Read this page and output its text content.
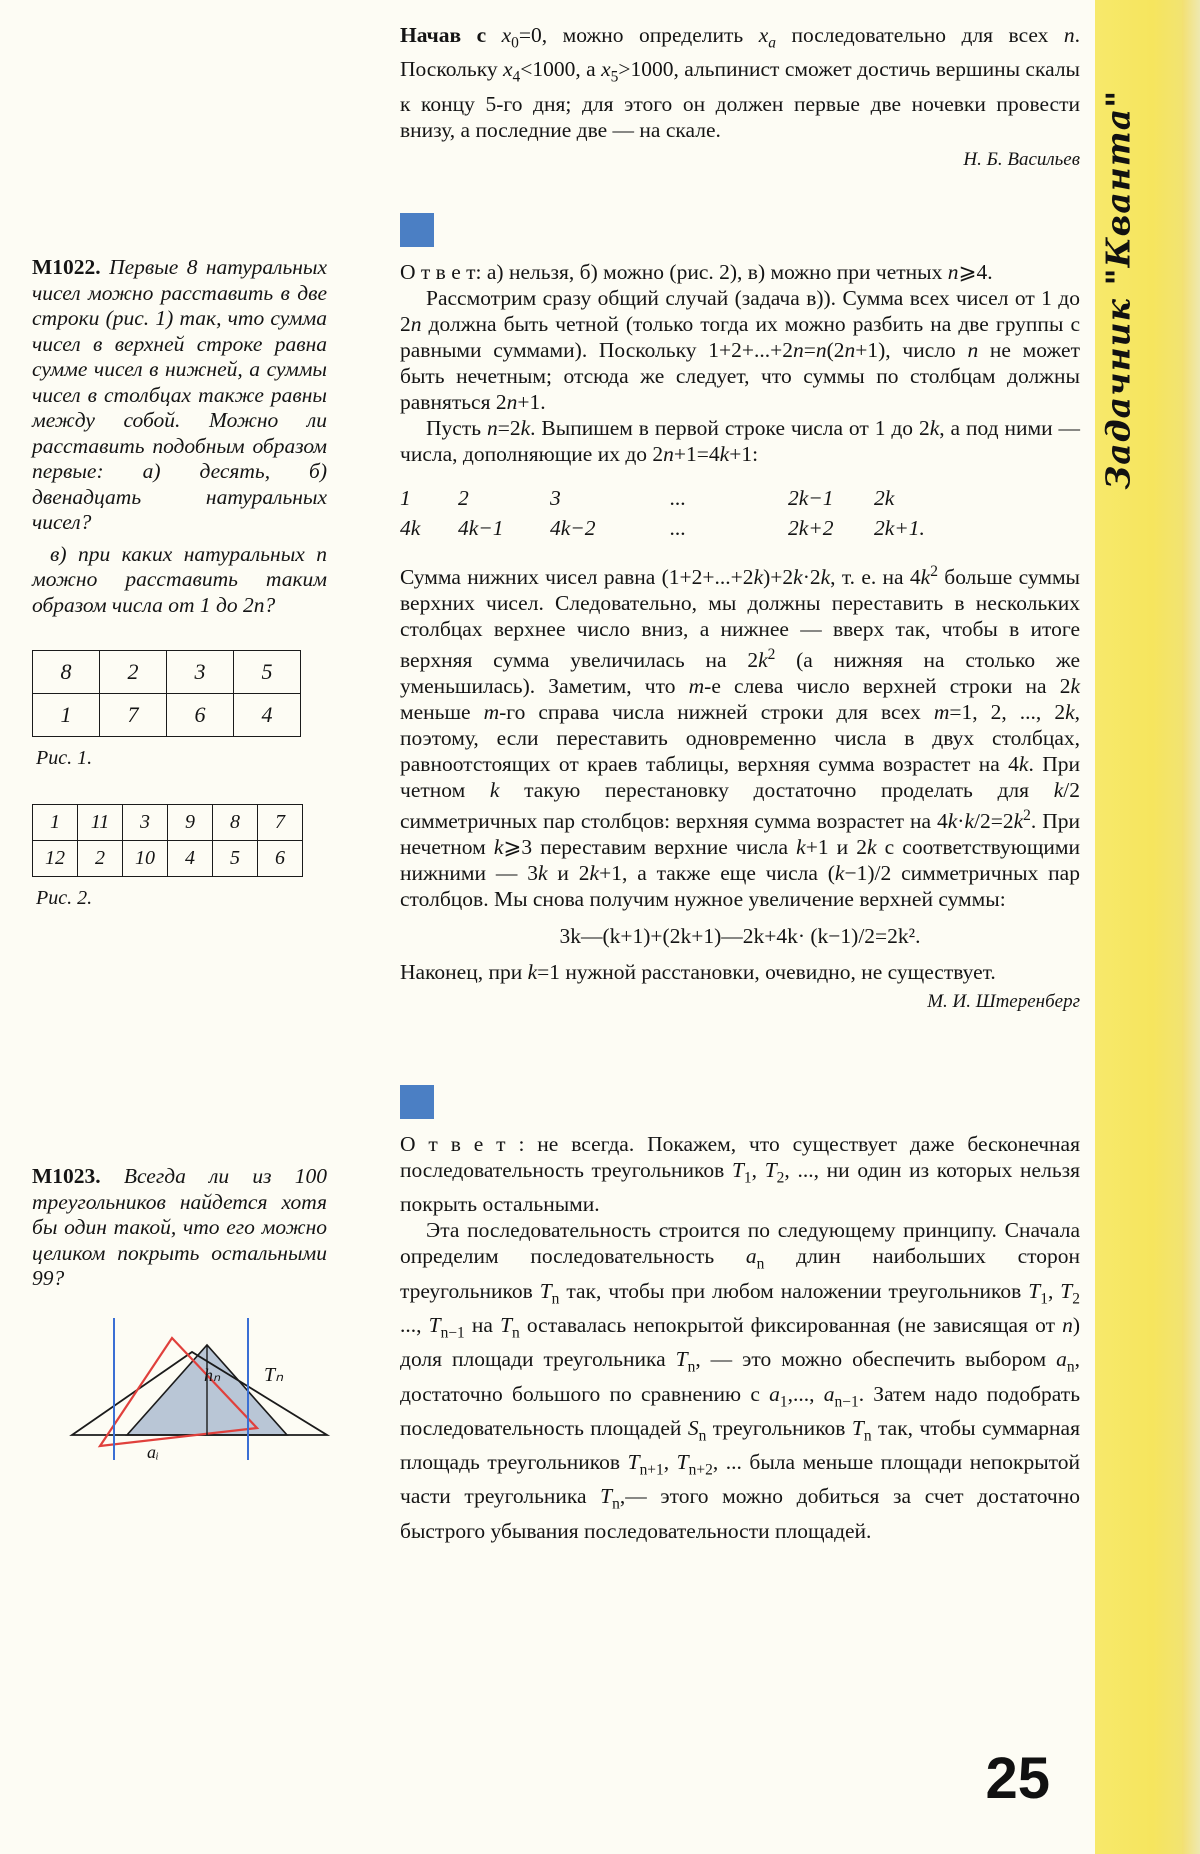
Задачник "Кванта"

Начав с $x_0=0$, можно определить $x_a$ последовательно для всех n. Поскольку $x_4<1000$, а $x_5>1000$, альпинист сможет достичь вершины скалы к концу 5-го дня; для этого он должен первые две ночевки провести внизу, а последние две — на скале.

Н. Б. Васильев

О т в е т: а) нельзя, б) можно (рис. 2), в) можно при четных n⩾4.

Рассмотрим сразу общий случай (задача в)). Сумма всех чисел от 1 до 2n должна быть четной (только тогда их можно разбить на две группы с равными суммами). Поскольку 1+2+...+2n=n(2n+1), число n не может быть нечетным; отсюда же следует, что суммы по столбцам должны равняться 2n+1.

Пусть n=2k. Выпишем в первой строке числа от 1 до 2k, а под ними — числа, дополняющие их до 2n+1=4k+1:

1	2	3	...	2k−1	2k
4k	4k−1	4k−2	...	2k+2	2k+1.

Сумма нижних чисел равна (1+2+...+2k)+2k·2k, т. е. на $4k^2$ больше суммы верхних чисел. Следовательно, мы должны переставить в нескольких столбцах верхнее число вниз, а нижнее — вверх так, чтобы в итоге верхняя сумма увеличилась на $2k^2$ (а нижняя на столько же уменьшилась). Заметим, что m-е слева число верхней строки на 2k меньше m-го справа числа нижней строки для всех m=1, 2, ..., 2k, поэтому, если переставить одновременно числа в двух столбцах, равноотстоящих от краев таблицы, верхняя сумма возрастет на 4k. При четном k такую перестановку достаточно проделать для k/2 симметричных пар столбцов: верхняя сумма возрастет на $4k\cdot k/2=2k^2$. При нечетном k⩾3 переставим верхние числа k+1 и 2k с соответствующими нижними — 3k и 2k+1, а также еще числа (k−1)/2 симметричных пар столбцов. Мы снова получим нужное увеличение верхней суммы:

3k—(k+1)+(2k+1)—2k+4k· (k−1)/2=2k².

Наконец, при k=1 нужной расстановки, очевидно, не существует.

М. И. Штеренберг

О т в е т : не всегда. Покажем, что существует даже бесконечная последовательность треугольников $T_1$, $T_2$, ..., ни один из которых нельзя покрыть остальными.

Эта последовательность строится по следующему принципу. Сначала определим последовательность $a_n$ длин наибольших сторон треугольников $T_n$ так, чтобы при любом наложении треугольников $T_1$, $T_2$ ..., $T_{n-1}$ на $T_n$ оставалась непокрытой фиксированная (не зависящая от n) доля площади треугольника $T_n$, — это можно обеспечить выбором $a_n$, достаточно большого по сравнению с $a_1$,..., $a_{n-1}$. Затем надо подобрать последовательность площадей $S_n$ треугольников $T_n$ так, чтобы суммарная площадь треугольников $T_{n+1}$, $T_{n+2}$, ... была меньше площади непокрытой части треугольника $T_n,—$ этого можно добиться за счет достаточно быстрого убывания последовательности площадей.

M1022. Первые 8 натуральных чисел можно расставить в две строки (рис. 1) так, что сумма чисел в верхней строке равна сумме чисел в нижней, а суммы чисел в столбцах также равны между собой. Можно ли расставить подобным образом первые: а) десять, б) двенадцать натуральных чисел?

в) при каких натуральных n можно расставить таким образом числа от 1 до 2n?

8	2	3	5
1	7	6	4
Рис. 1.
1	11	3	9	8	7
12	2	10	4	5	6
Рис. 2.

M1023. Всегда ли из 100 треугольников найдется хотя бы один такой, что его можно целиком покрыть остальными 99?

hₙ Tₙ
aᵢ
25
